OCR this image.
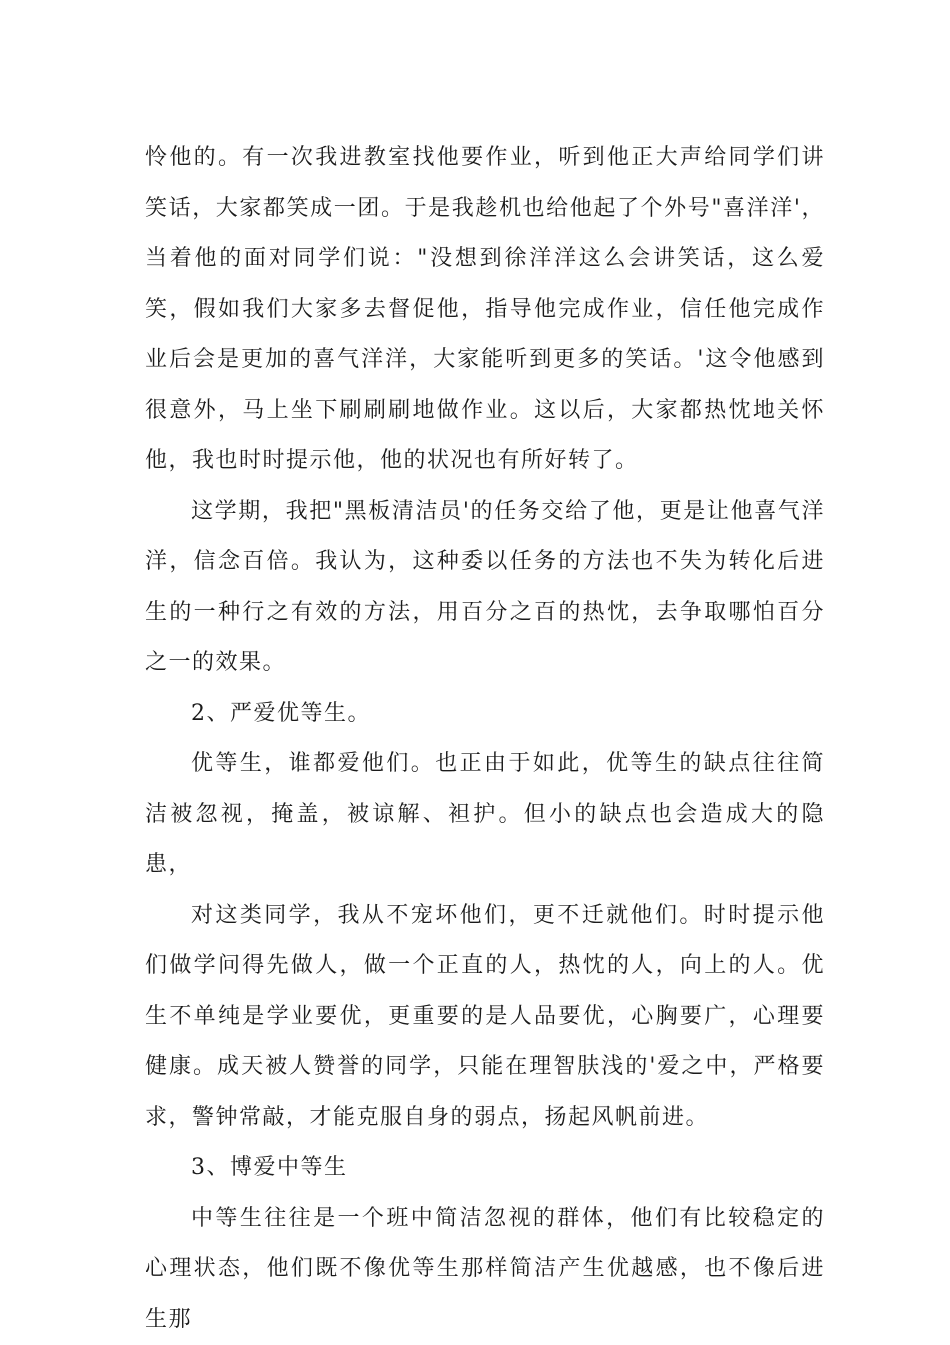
怜他的。有一次我进教室找他要作业，听到他正大声给同学们讲笑话，大家都笑成一团。于是我趁机也给他起了个外号"喜洋洋'，当着他的面对同学们说："没想到徐洋洋这么会讲笑话，这么爱笑，假如我们大家多去督促他，指导他完成作业，信任他完成作业后会是更加的喜气洋洋，大家能听到更多的笑话。'这令他感到很意外，马上坐下刷刷刷地做作业。这以后，大家都热忱地关怀他，我也时时提示他，他的状况也有所好转了。

这学期，我把"黑板清洁员'的任务交给了他，更是让他喜气洋洋，信念百倍。我认为，这种委以任务的方法也不失为转化后进生的一种行之有效的方法，用百分之百的热忱，去争取哪怕百分之一的效果。

2、严爱优等生。

优等生，谁都爱他们。也正由于如此，优等生的缺点往往简洁被忽视，掩盖，被谅解、袒护。但小的缺点也会造成大的隐患，

对这类同学，我从不宠坏他们，更不迁就他们。时时提示他们做学问得先做人，做一个正直的人，热忱的人，向上的人。优生不单纯是学业要优，更重要的是人品要优，心胸要广，心理要健康。成天被人赞誉的同学，只能在理智肤浅的'爱之中，严格要求，警钟常敲，才能克服自身的弱点，扬起风帆前进。

3、博爱中等生

中等生往往是一个班中简洁忽视的群体，他们有比较稳定的心理状态，他们既不像优等生那样简洁产生优越感，也不像后进生那
